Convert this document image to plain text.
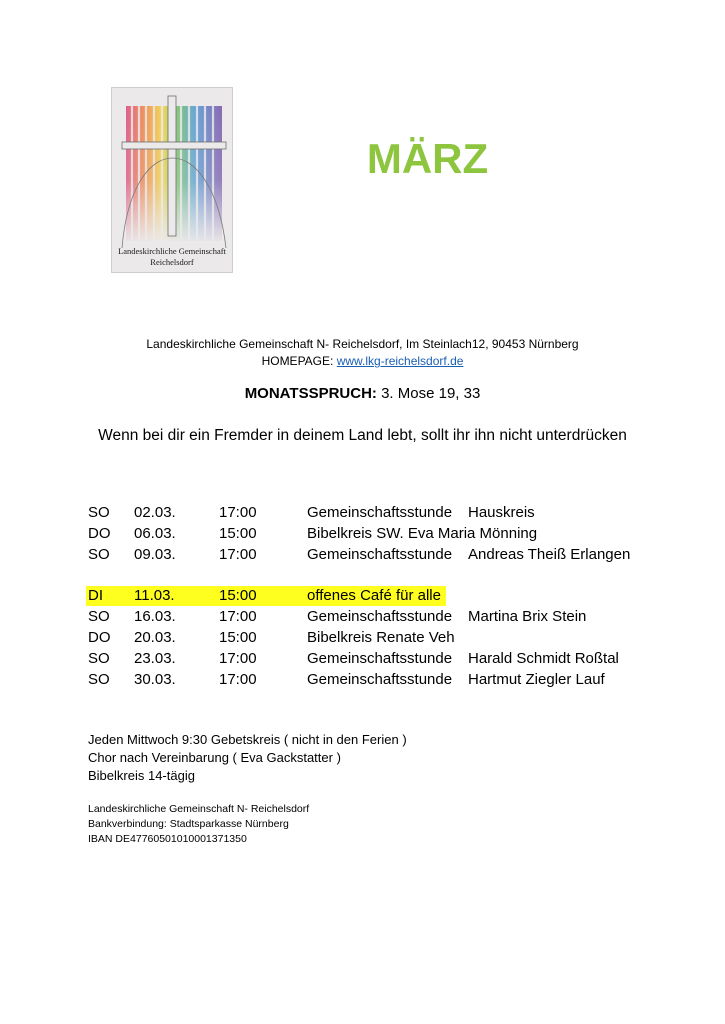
Landeskirchliche Gemeinschaft
Reichelsdorf
MÄRZ
Landeskirchliche Gemeinschaft N- Reichelsdorf, Im Steinlach12, 90453 Nürnberg
HOMEPAGE: www.lkg-reichelsdorf.de
MONATSSPRUCH: 3. Mose 19, 33
Wenn bei dir ein Fremder in deinem Land lebt, sollt ihr ihn nicht unterdrücken
SO 02.03.	17:00	Gemeinschaftsstunde Hauskreis
DO 06.03.	15:00	Bibelkreis SW. Eva Maria Mönning
SO 09.03.	17:00	Gemeinschaftsstunde Andreas Theiß Erlangen
DI 11.03.	15:00	offenes Café für alle
SO 16.03.	17:00	Gemeinschaftsstunde Martina Brix Stein
DO 20.03.	15:00	Bibelkreis Renate Veh
SO 23.03.	17:00	Gemeinschaftsstunde Harald Schmidt Roßtal
SO 30.03.	17:00	Gemeinschaftsstunde Hartmut Ziegler Lauf
Jeden Mittwoch 9:30 Gebetskreis ( nicht in den Ferien )
Chor nach Vereinbarung ( Eva Gackstatter )
Bibelkreis 14-tägig
Landeskirchliche Gemeinschaft N- Reichelsdorf
Bankverbindung: Stadtsparkasse Nürnberg
IBAN DE47760501010001371350
